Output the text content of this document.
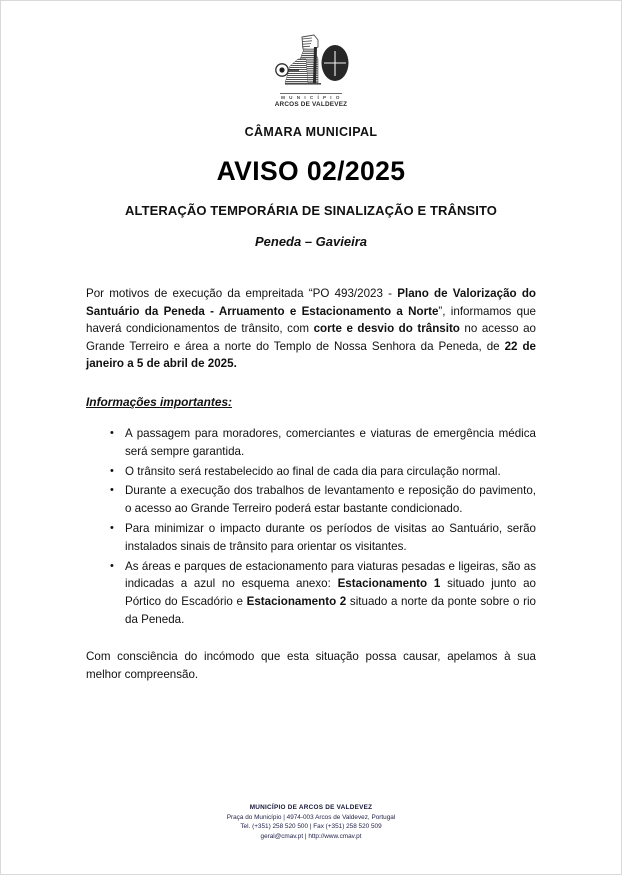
M U N I C Í P I O
ARCOS DE VALDEVEZ
CÂMARA MUNICIPAL
AVISO 02/2025
ALTERAÇÃO TEMPORÁRIA DE SINALIZAÇÃO E TRÂNSITO
Peneda – Gavieira

Por motivos de execução da empreitada “PO 493/2023 - Plano de Valorização do Santuário da Peneda - Arruamento e Estacionamento a Norte”, informamos que haverá condicionamentos de trânsito, com corte e desvio do trânsito no acesso ao Grande Terreiro e área a norte do Templo de Nossa Senhora da Peneda, de 22 de janeiro a 5 de abril de 2025.

Informações importantes:
• A passagem para moradores, comerciantes e viaturas de emergência médica será sempre garantida.
• O trânsito será restabelecido ao final de cada dia para circulação normal.
• Durante a execução dos trabalhos de levantamento e reposição do pavimento, o acesso ao Grande Terreiro poderá estar bastante condicionado.
• Para minimizar o impacto durante os períodos de visitas ao Santuário, serão instalados sinais de trânsito para orientar os visitantes.
• As áreas e parques de estacionamento para viaturas pesadas e ligeiras, são as indicadas a azul no esquema anexo: Estacionamento 1 situado junto ao Pórtico do Escadório e Estacionamento 2 situado a norte da ponte sobre o rio da Peneda.

Com consciência do incómodo que esta situação possa causar, apelamos à sua melhor compreensão.

MUNICÍPIO DE ARCOS DE VALDEVEZ
Praça do Município | 4974-003 Arcos de Valdevez, Portugal
Tel. (+351) 258 520 500 | Fax (+351) 258 520 509
geral@cmav.pt | http://www.cmav.pt
